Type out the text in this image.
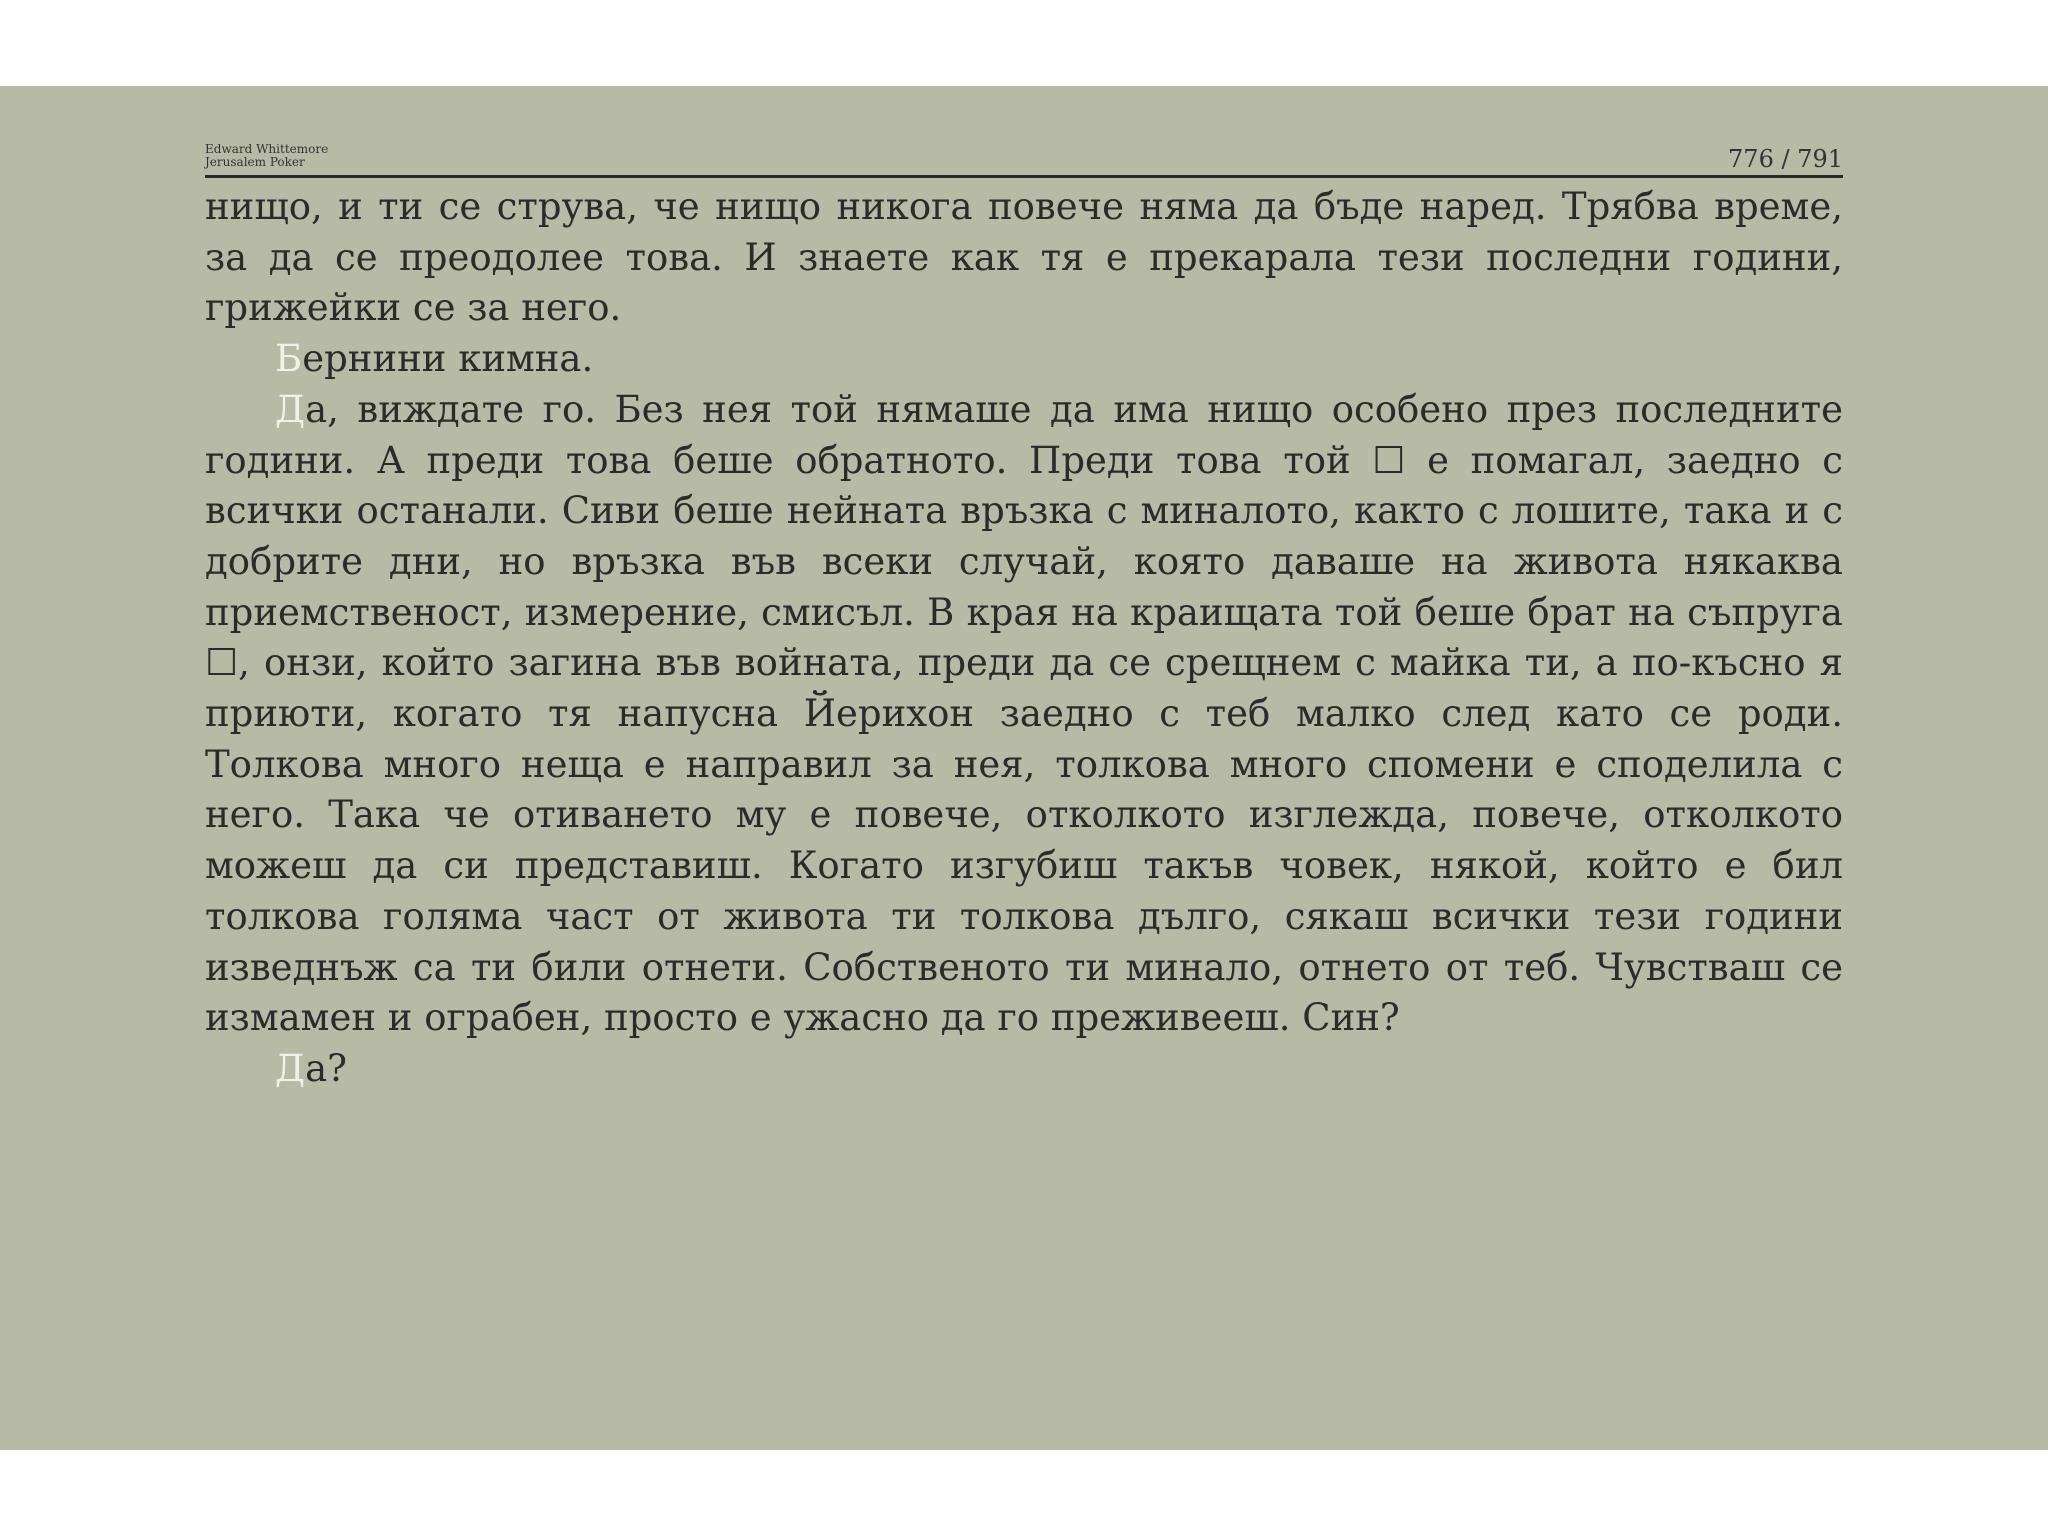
Edward Whittemore
Jerusalem Poker	776 / 791

нищо, и ти се струва, че нищо никога повече няма да бъде наред. Трябва време, за да се преодолее това. И знаете как тя е прекарала тези последни години, грижейки се за него.

Бернини кимна.

Да, виждате го. Без нея той нямаше да има нищо особено през последните години. А преди това беше обратното. Преди това той ☐ е помагал, заедно с всички останали. Сиви беше нейната връзка с миналото, както с лошите, така и с добрите дни, но връзка във всеки случай, която даваше на живота някаква приемственост, измерение, смисъл. В края на краищата той беше брат на съпруга ☐, онзи, който загина във войната, преди да се срещнем с майка ти, а по-късно я приюти, когато тя напусна Йерихон заедно с теб малко след като се роди. Толкова много неща е направил за нея, толкова много спомени е споделила с него. Така че отиването му е повече, отколкото изглежда, повече, отколкото можеш да си представиш. Когато изгубиш такъв човек, някой, който е бил толкова голяма част от живота ти толкова дълго, сякаш всички тези години изведнъж са ти били отнети. Собственото ти минало, отнето от теб. Чувстваш се измамен и ограбен, просто е ужасно да го преживееш. Син?

Да?
